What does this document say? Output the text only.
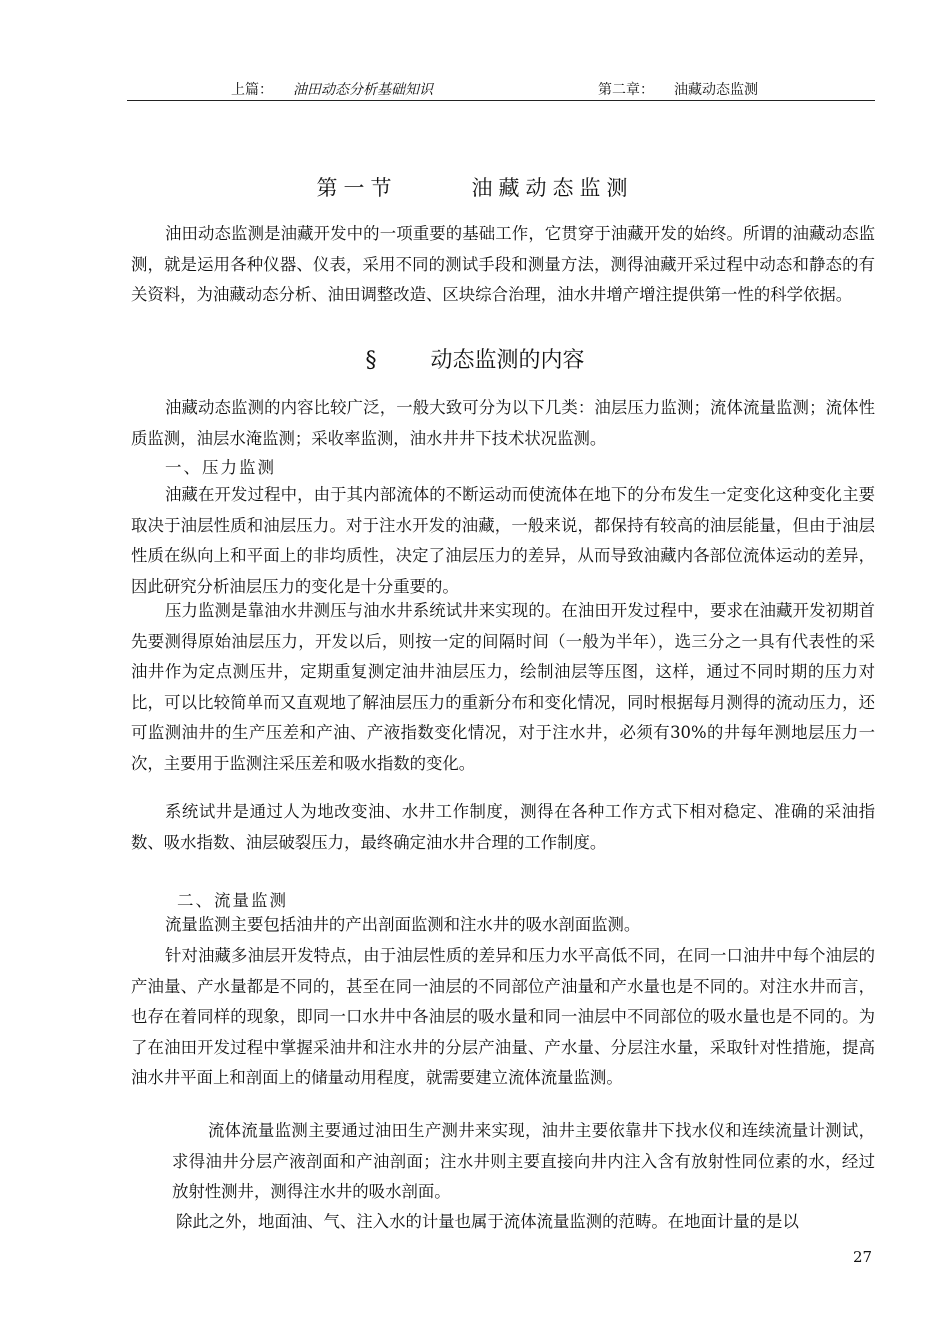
上篇： 油田动态分析基础知识	第二章： 油藏动态监测
第一节	油藏动态监测

油田动态监测是油藏开发中的一项重要的基础工作，它贯穿于油藏开发的始终。所谓的油藏动态监测，就是运用各种仪器、仪表，采用不同的测试手段和测量方法，测得油藏开采过程中动态和静态的有关资料，为油藏动态分析、油田调整改造、区块综合治理，油水井增产增注提供第一性的科学依据。

§ 动态监测的内容

油藏动态监测的内容比较广泛，一般大致可分为以下几类：油层压力监测；流体流量监测；流体性质监测，油层水淹监测；采收率监测，油水井井下技术状况监测。

一、压力监测

油藏在开发过程中，由于其内部流体的不断运动而使流体在地下的分布发生一定变化这种变化主要取决于油层性质和油层压力。对于注水开发的油藏，一般来说，都保持有较高的油层能量，但由于油层性质在纵向上和平面上的非均质性，决定了油层压力的差异，从而导致油藏内各部位流体运动的差异，因此研究分析油层压力的变化是十分重要的。

压力监测是靠油水井测压与油水井系统试井来实现的。在油田开发过程中，要求在油藏开发初期首先要测得原始油层压力，开发以后，则按一定的间隔时间（一般为半年），选三分之一具有代表性的采油井作为定点测压井，定期重复测定油井油层压力，绘制油层等压图，这样，通过不同时期的压力对比，可以比较简单而又直观地了解油层压力的重新分布和变化情况，同时根据每月测得的流动压力，还可监测油井的生产压差和产油、产液指数变化情况，对于注水井，必须有30%的井每年测地层压力一次，主要用于监测注采压差和吸水指数的变化。

系统试井是通过人为地改变油、水井工作制度，测得在各种工作方式下相对稳定、准确的采油指数、吸水指数、油层破裂压力，最终确定油水井合理的工作制度。

二、流量监测

流量监测主要包括油井的产出剖面监测和注水井的吸水剖面监测。

针对油藏多油层开发特点，由于油层性质的差异和压力水平高低不同，在同一口油井中每个油层的产油量、产水量都是不同的，甚至在同一油层的不同部位产油量和产水量也是不同的。对注水井而言，也存在着同样的现象，即同一口水井中各油层的吸水量和同一油层中不同部位的吸水量也是不同的。为了在油田开发过程中掌握采油井和注水井的分层产油量、产水量、分层注水量，采取针对性措施，提高油水井平面上和剖面上的储量动用程度，就需要建立流体流量监测。

流体流量监测主要通过油田生产测井来实现，油井主要依靠井下找水仪和连续流量计测试，求得油井分层产液剖面和产油剖面；注水井则主要直接向井内注入含有放射性同位素的水，经过放射性测井，测得注水井的吸水剖面。

除此之外，地面油、气、注入水的计量也属于流体流量监测的范畴。在地面计量的是以

27
